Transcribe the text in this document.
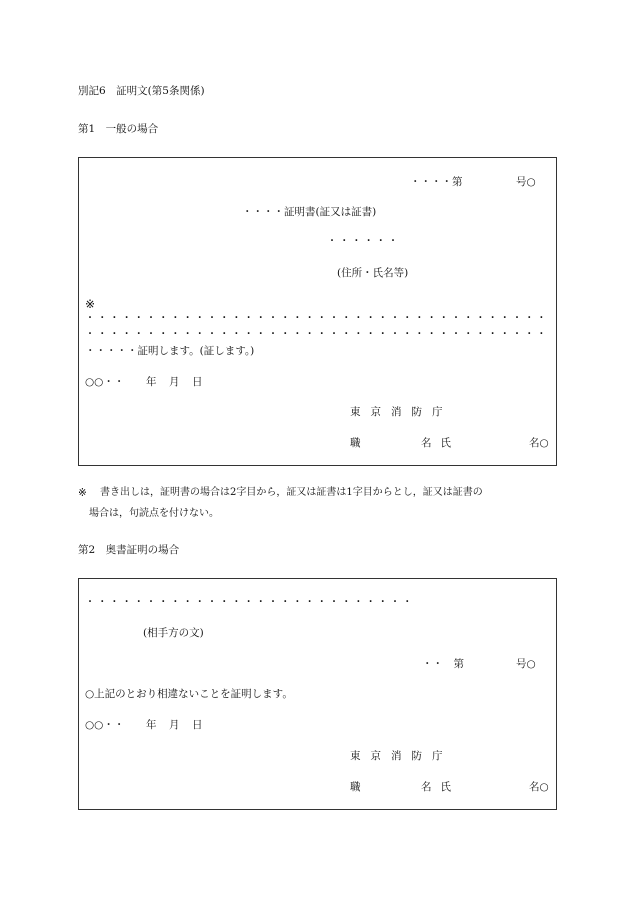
別記6　証明文(第5条関係)
第1　一般の場合
・・・・第	号○
・・・・証明書(証又は証書)
・・・・・・
(住所・氏名等)
※
・・・・・・・・・・・・・・・・・・・・・・・・・・・・・・・・・・・・・・
・・・・・・・・・・・・・・・・・・・・・・・・・・・・・・・・・・・・・・
・・・・・証明します。(証します。)
○○・・ 年 月 日
東京消防庁
職	名氏	名○
※ 書き出しは，証明書の場合は2字目から，証又は証書は1字目からとし，証又は証書の
場合は，句読点を付けない。
第2　奥書証明の場合
・・・・・・・・・・・・・・・・・・・・・・・・・・・
(相手方の文)
・・　第	号○
○上記のとおり相違ないことを証明します。
○○・・ 年 月 日
東京消防庁
職	名氏	名○
